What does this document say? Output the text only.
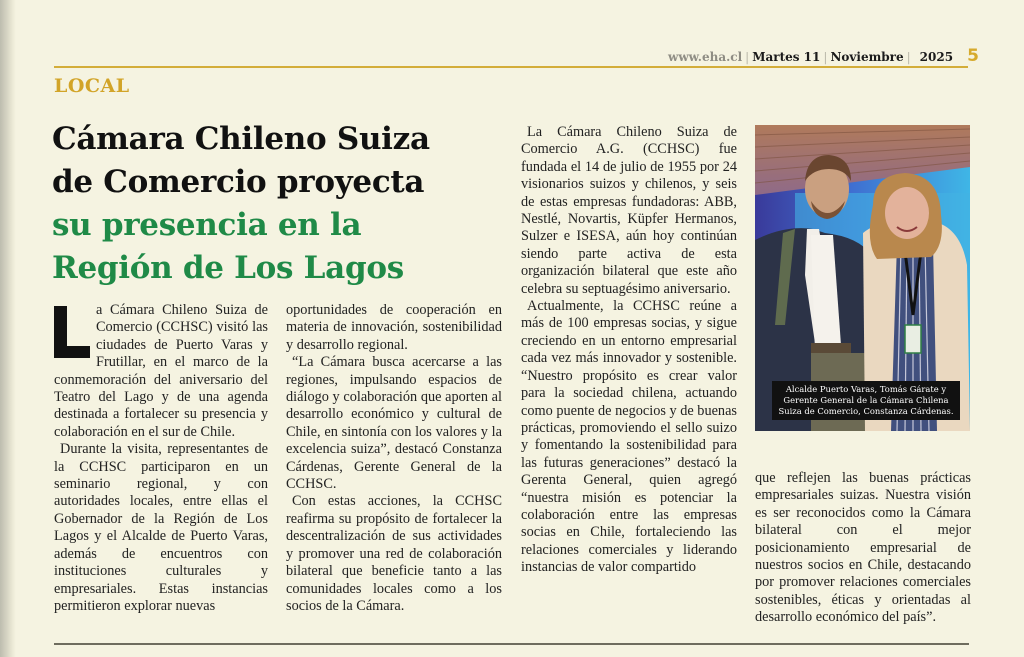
www.eha.cl | Martes 11 | Noviembre | 2025 5
LOCAL
Cámara Chileno Suiza
de Comercio proyecta
su presencia en la
Región de Los Lagos

a Cámara Chileno Suiza de Comercio (CCHSC) visitó las ciudades de Puerto Varas y Frutillar, en el marco de la conmemoración del aniversario del Teatro del Lago y de una agenda destinada a fortalecer su presencia y colaboración en el sur de Chile.

Durante la visita, representantes de la CCHSC participaron en un seminario regional, y con autoridades locales, entre ellas el Gobernador de la Región de Los Lagos y el Alcalde de Puerto Varas, además de encuentros con instituciones culturales y empresariales. Estas instancias permitieron explorar nuevas

oportunidades de cooperación en materia de innovación, sostenibilidad y desarrollo regional.

“La Cámara busca acercarse a las regiones, impulsando espacios de diálogo y colaboración que aporten al desarrollo económico y cultural de Chile, en sintonía con los valores y la excelencia suiza”, destacó Constanza Cárdenas, Gerente General de la CCHSC.

Con estas acciones, la CCHSC reafirma su propósito de fortalecer la descentralización de sus actividades y promover una red de colaboración bilateral que beneficie tanto a las comunidades locales como a los socios de la Cámara.

La Cámara Chileno Suiza de Comercio A.G. (CCHSC) fue fundada el 14 de julio de 1955 por 24 visionarios suizos y chilenos, y seis de estas empresas fundadoras: ABB, Nestlé, Novartis, Küpfer Hermanos, Sulzer e ISESA, aún hoy continúan siendo parte activa de esta organización bilateral que este año celebra su septuagésimo aniversario.

Actualmente, la CCHSC reúne a más de 100 empresas socias, y sigue creciendo en un entorno empresarial cada vez más innovador y sostenible. “Nuestro propósito es crear valor para la sociedad chilena, actuando como puente de negocios y de buenas prácticas, promoviendo el sello suizo y fomentando la sostenibilidad para las futuras generaciones” destacó la Gerenta General, quien agregó “nuestra misión es potenciar la colaboración entre las empresas socias en Chile, fortaleciendo las relaciones comerciales y liderando instancias de valor compartido

Alcalde Puerto Varas, Tomás Gárate y Gerente General de la Cámara Chilena Suiza de Comercio, Constanza Cárdenas.

que reflejen las buenas prácticas empresariales suizas. Nuestra visión es ser reconocidos como la Cámara bilateral con el mejor posicionamiento empresarial de nuestros socios en Chile, destacando por promover relaciones comerciales sostenibles, éticas y orientadas al desarrollo económico del país”.
